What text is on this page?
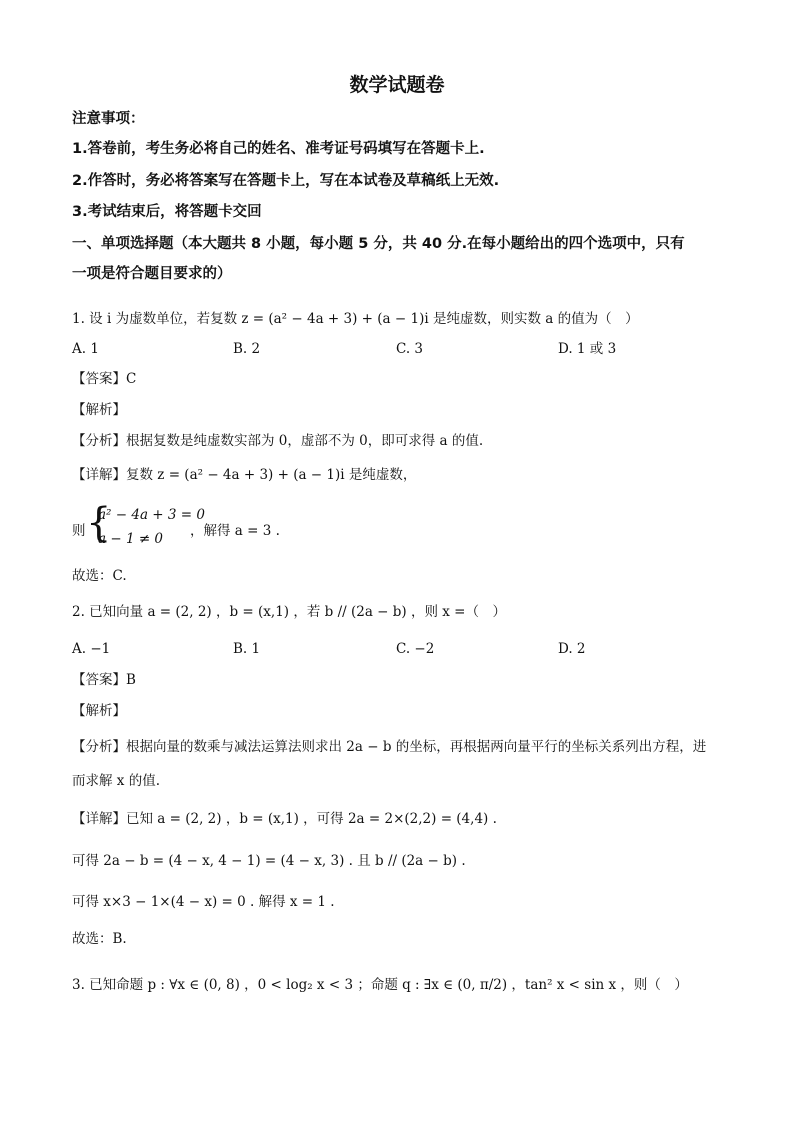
数学试题卷
注意事项：
1.答卷前，考生务必将自己的姓名、准考证号码填写在答题卡上.
2.作答时，务必将答案写在答题卡上，写在本试卷及草稿纸上无效.
3.考试结束后，将答题卡交回
一、单项选择题（本大题共 8 小题，每小题 5 分，共 40 分.在每小题给出的四个选项中，只有
一项是符合题目要求的）
1. 设 i 为虚数单位，若复数 z = (a² − 4a + 3) + (a − 1)i 是纯虚数，则实数 a 的值为（　）
A. 1	B. 2	C. 3	D. 1 或 3
【答案】C
【解析】
【分析】根据复数是纯虚数实部为 0，虚部不为 0，即可求得 a 的值.
【详解】复数 z = (a² − 4a + 3) + (a − 1)i 是纯虚数，
则 {
a² − 4a + 3 = 0
a − 1 ≠ 0 ，解得 a = 3 .
故选：C.
2. 已知向量 a = (2, 2) ，b = (x,1) ，若 b // (2a − b) ，则 x =（　）
A. −1	B. 1	C. −2	D. 2
【答案】B
【解析】
【分析】根据向量的数乘与减法运算法则求出 2a − b 的坐标，再根据两向量平行的坐标关系列出方程，进
而求解 x 的值.
【详解】已知 a = (2, 2) ，b = (x,1) ，可得 2a = 2×(2,2) = (4,4) .
可得 2a − b = (4 − x, 4 − 1) = (4 − x, 3) . 且 b // (2a − b) .
可得 x×3 − 1×(4 − x) = 0 . 解得 x = 1 .
故选：B.
3. 已知命题 p : ∀x ∈ (0, 8) ，0 < log₂ x < 3 ；命题 q : ∃x ∈ (0, π/2) ，tan² x < sin x ，则（　）
